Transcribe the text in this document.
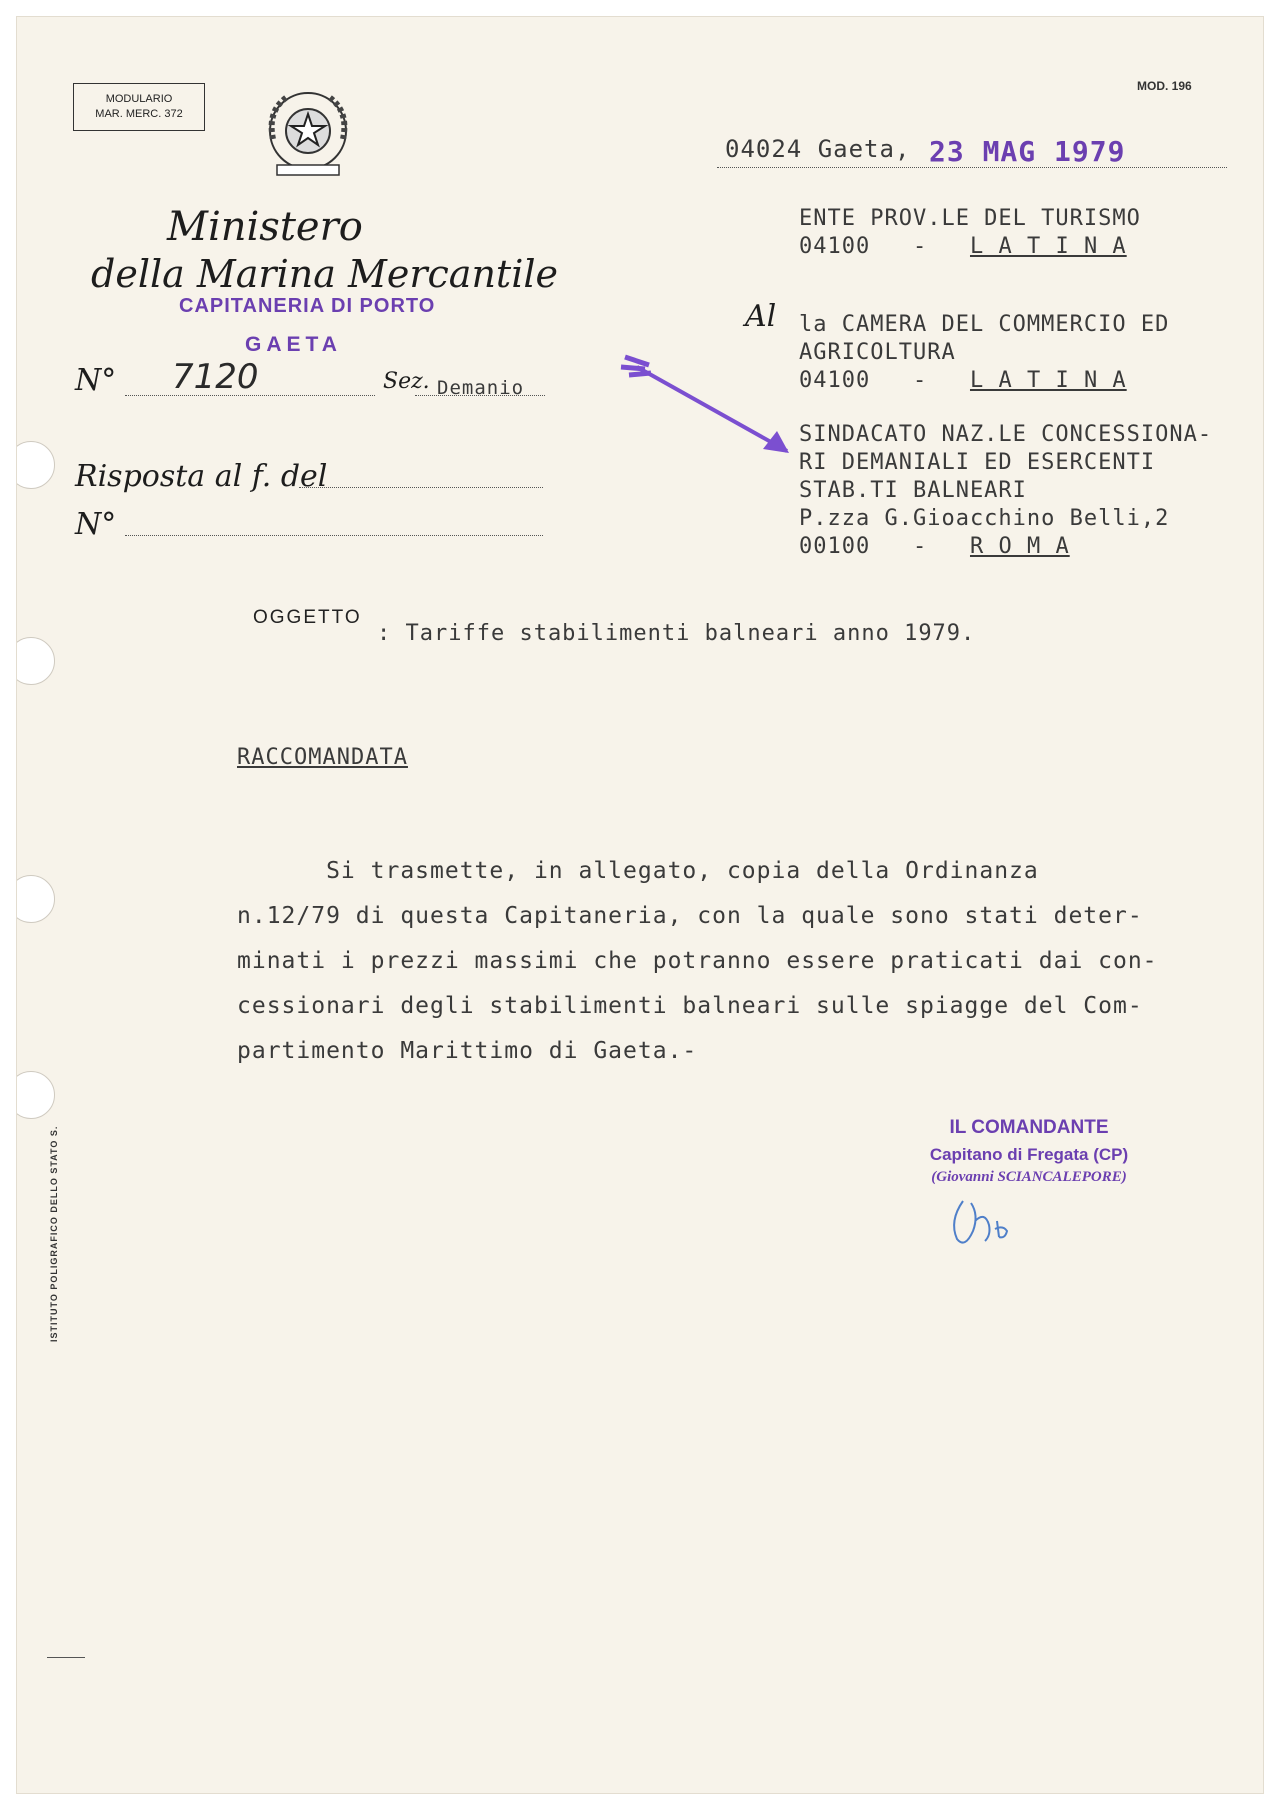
MODULARIO
MAR. MERC. 372
MOD. 196
Ministero
della Marina Mercantile
CAPITANERIA DI PORTO
GAETA
N° 7120	Sez. Demanio
Risposta al f. del
N°
04024 Gaeta, 23 MAG 1979
Al
ENTE PROV.LE DEL TURISMO
04100 - L A T I N A
la CAMERA DEL COMMERCIO ED
AGRICOLTURA
04100 - L A T I N A
SINDACATO NAZ.LE CONCESSIONA-
RI DEMANIALI ED ESERCENTI
STAB.TI BALNEARI
P.zza G.Gioacchino Belli,2
00100 - R O M A
OGGETTO
: Tariffe stabilimenti balneari anno 1979.
RACCOMANDATA
Si trasmette, in allegato, copia della Ordinanza
n.12/79 di questa Capitaneria, con la quale sono stati deter-
minati i prezzi massimi che potranno essere praticati dai con-
cessionari degli stabilimenti balneari sulle spiagge del Com-
partimento Marittimo di Gaeta.-
IL COMANDANTE
Capitano di Fregata (CP)
(Giovanni SCIANCALEPORE)
ISTITUTO POLIGRAFICO DELLO STATO S.
